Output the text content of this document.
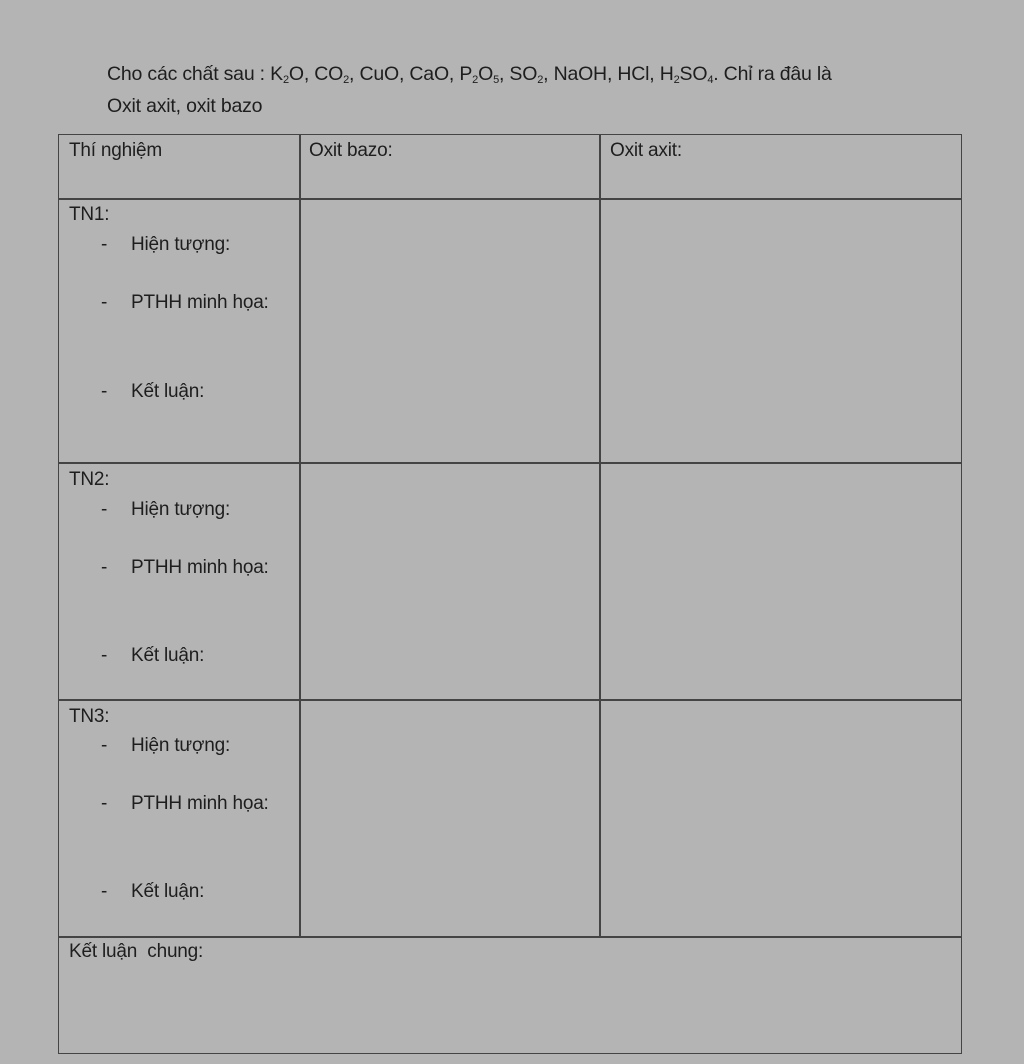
Cho các chất sau : $K_2O$, $CO_2$, CuO, CaO, $P_2O_5$, $SO_2$, NaOH, HCl, $H_2SO_4$. Chỉ ra đâu là
Oxit axit, oxit bazo
Thí nghiệm	Oxit bazo:	Oxit axit:
TN1:
- Hiện tượng:
- PTHH minh họa:
- Kết luận:
TN2:
- Hiện tượng:
- PTHH minh họa:
- Kết luận:
TN3:
- Hiện tượng:
- PTHH minh họa:
- Kết luận:
Kết luận  chung:
